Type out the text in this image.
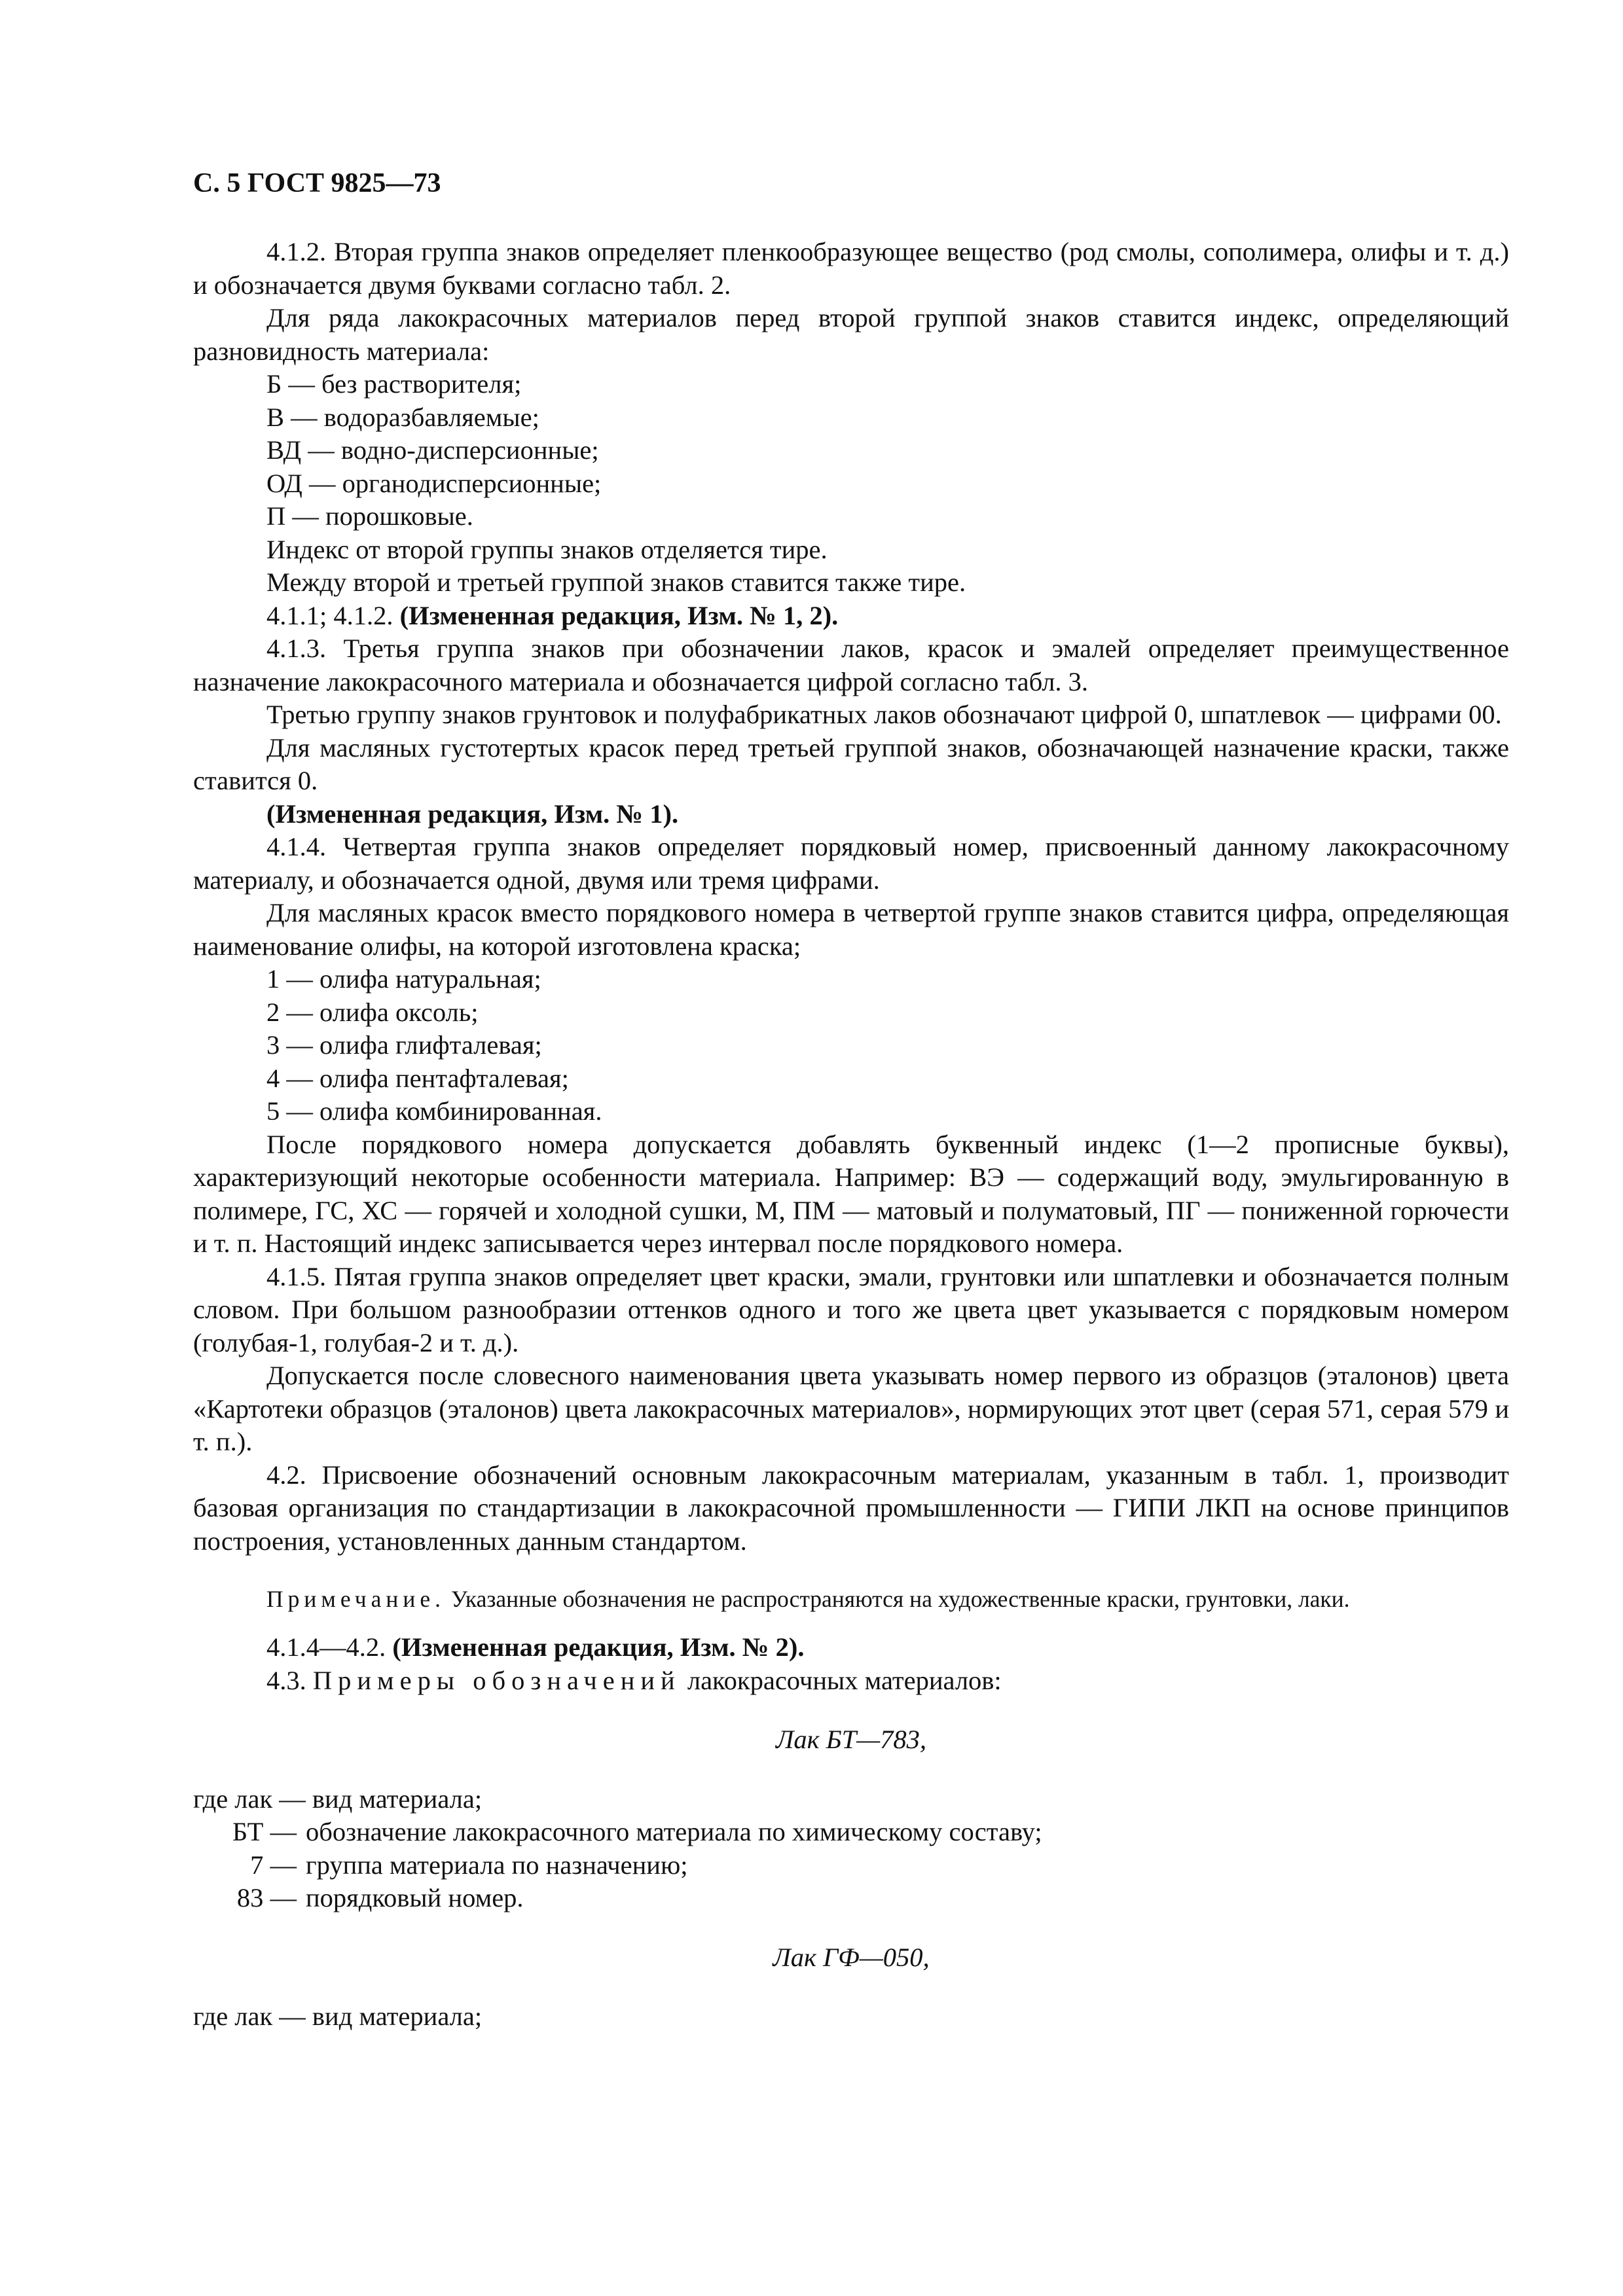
С. 5 ГОСТ 9825—73

4.1.2. Вторая группа знаков определяет пленкообразующее вещество (род смолы, сополимера, олифы и т. д.) и обозначается двумя буквами согласно табл. 2.

Для ряда лакокрасочных материалов перед второй группой знаков ставится индекс, определяющий разновидность материала:

Б — без растворителя;

В — водоразбавляемые;

ВД — водно-дисперсионные;

ОД — органодисперсионные;

П — порошковые.

Индекс от второй группы знаков отделяется тире.

Между второй и третьей группой знаков ставится также тире.

4.1.1; 4.1.2. (Измененная редакция, Изм. № 1, 2).

4.1.3. Третья группа знаков при обозначении лаков, красок и эмалей определяет преимущественное назначение лакокрасочного материала и обозначается цифрой согласно табл. 3.

Третью группу знаков грунтовок и полуфабрикатных лаков обозначают цифрой 0, шпатлевок — цифрами 00.

Для масляных густотертых красок перед третьей группой знаков, обозначающей назначение краски, также ставится 0.

(Измененная редакция, Изм. № 1).

4.1.4. Четвертая группа знаков определяет порядковый номер, присвоенный данному лакокрасочному материалу, и обозначается одной, двумя или тремя цифрами.

Для масляных красок вместо порядкового номера в четвертой группе знаков ставится цифра, определяющая наименование олифы, на которой изготовлена краска;

1 — олифа натуральная;

2 — олифа оксоль;

3 — олифа глифталевая;

4 — олифа пентафталевая;

5 — олифа комбинированная.

После порядкового номера допускается добавлять буквенный индекс (1—2 прописные буквы), характеризующий некоторые особенности материала. Например: ВЭ — содержащий воду, эмульгированную в полимере, ГС, ХС — горячей и холодной сушки, М, ПМ — матовый и полуматовый, ПГ — пониженной горючести и т. п. Настоящий индекс записывается через интервал после порядкового номера.

4.1.5. Пятая группа знаков определяет цвет краски, эмали, грунтовки или шпатлевки и обозначается полным словом. При большом разнообразии оттенков одного и того же цвета цвет указывается с порядковым номером (голубая-1, голубая-2 и т. д.).

Допускается после словесного наименования цвета указывать номер первого из образцов (эталонов) цвета «Картотеки образцов (эталонов) цвета лакокрасочных материалов», нормирующих этот цвет (серая 571, серая 579 и т. п.).

4.2. Присвоение обозначений основным лакокрасочным материалам, указанным в табл. 1, производит базовая организация по стандартизации в лакокрасочной промышленности — ГИПИ ЛКП на основе принципов построения, установленных данным стандартом.

Примечание. Указанные обозначения не распространяются на художественные краски, грунтовки, лаки.

4.1.4—4.2. (Измененная редакция, Изм. № 2).

4.3. Примеры обозначений лакокрасочных материалов:

Лак БТ—783,

где лак — вид материала;

БТ — обозначение лакокрасочного материала по химическому составу;
7 — группа материала по назначению;
83 — порядковый номер.

Лак ГФ—050,

где лак — вид материала;
